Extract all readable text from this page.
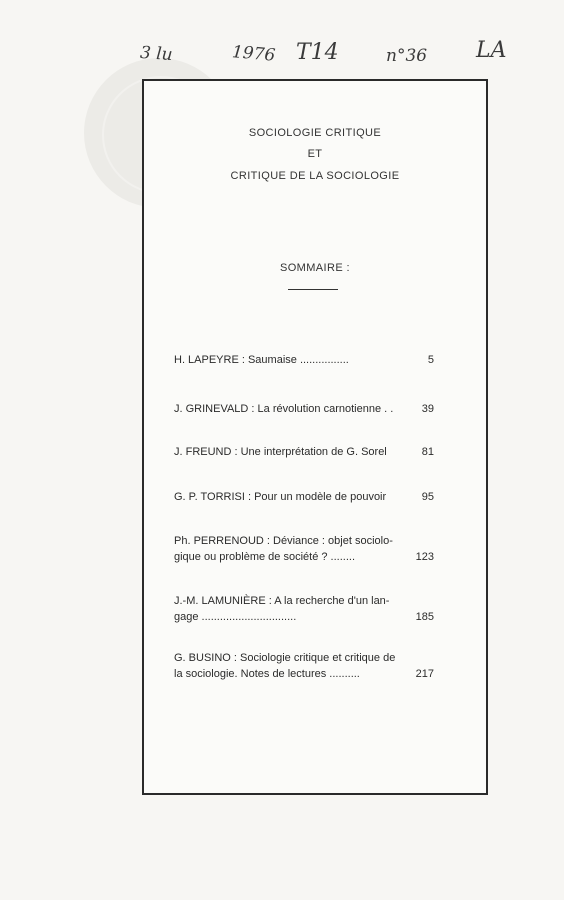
3 lu	1976 T14	n°36 LA
SOCIOLOGIE CRITIQUE
ET
CRITIQUE DE LA SOCIOLOGIE
SOMMAIRE :
H. LAPEYRE : Saumaise ................	5
J. GRINEVALD : La révolution carnotienne . .	39
J. FREUND : Une interprétation de G. Sorel	81
G. P. TORRISI : Pour un modèle de pouvoir	95
Ph. PERRENOUD : Déviance : objet sociolo-
gique ou problème de société ? ........	123
J.-M. LAMUNIÈRE : A la recherche d'un lan-
gage ...............................	185
G. BUSINO : Sociologie critique et critique de
la sociologie. Notes de lectures ..........	217
